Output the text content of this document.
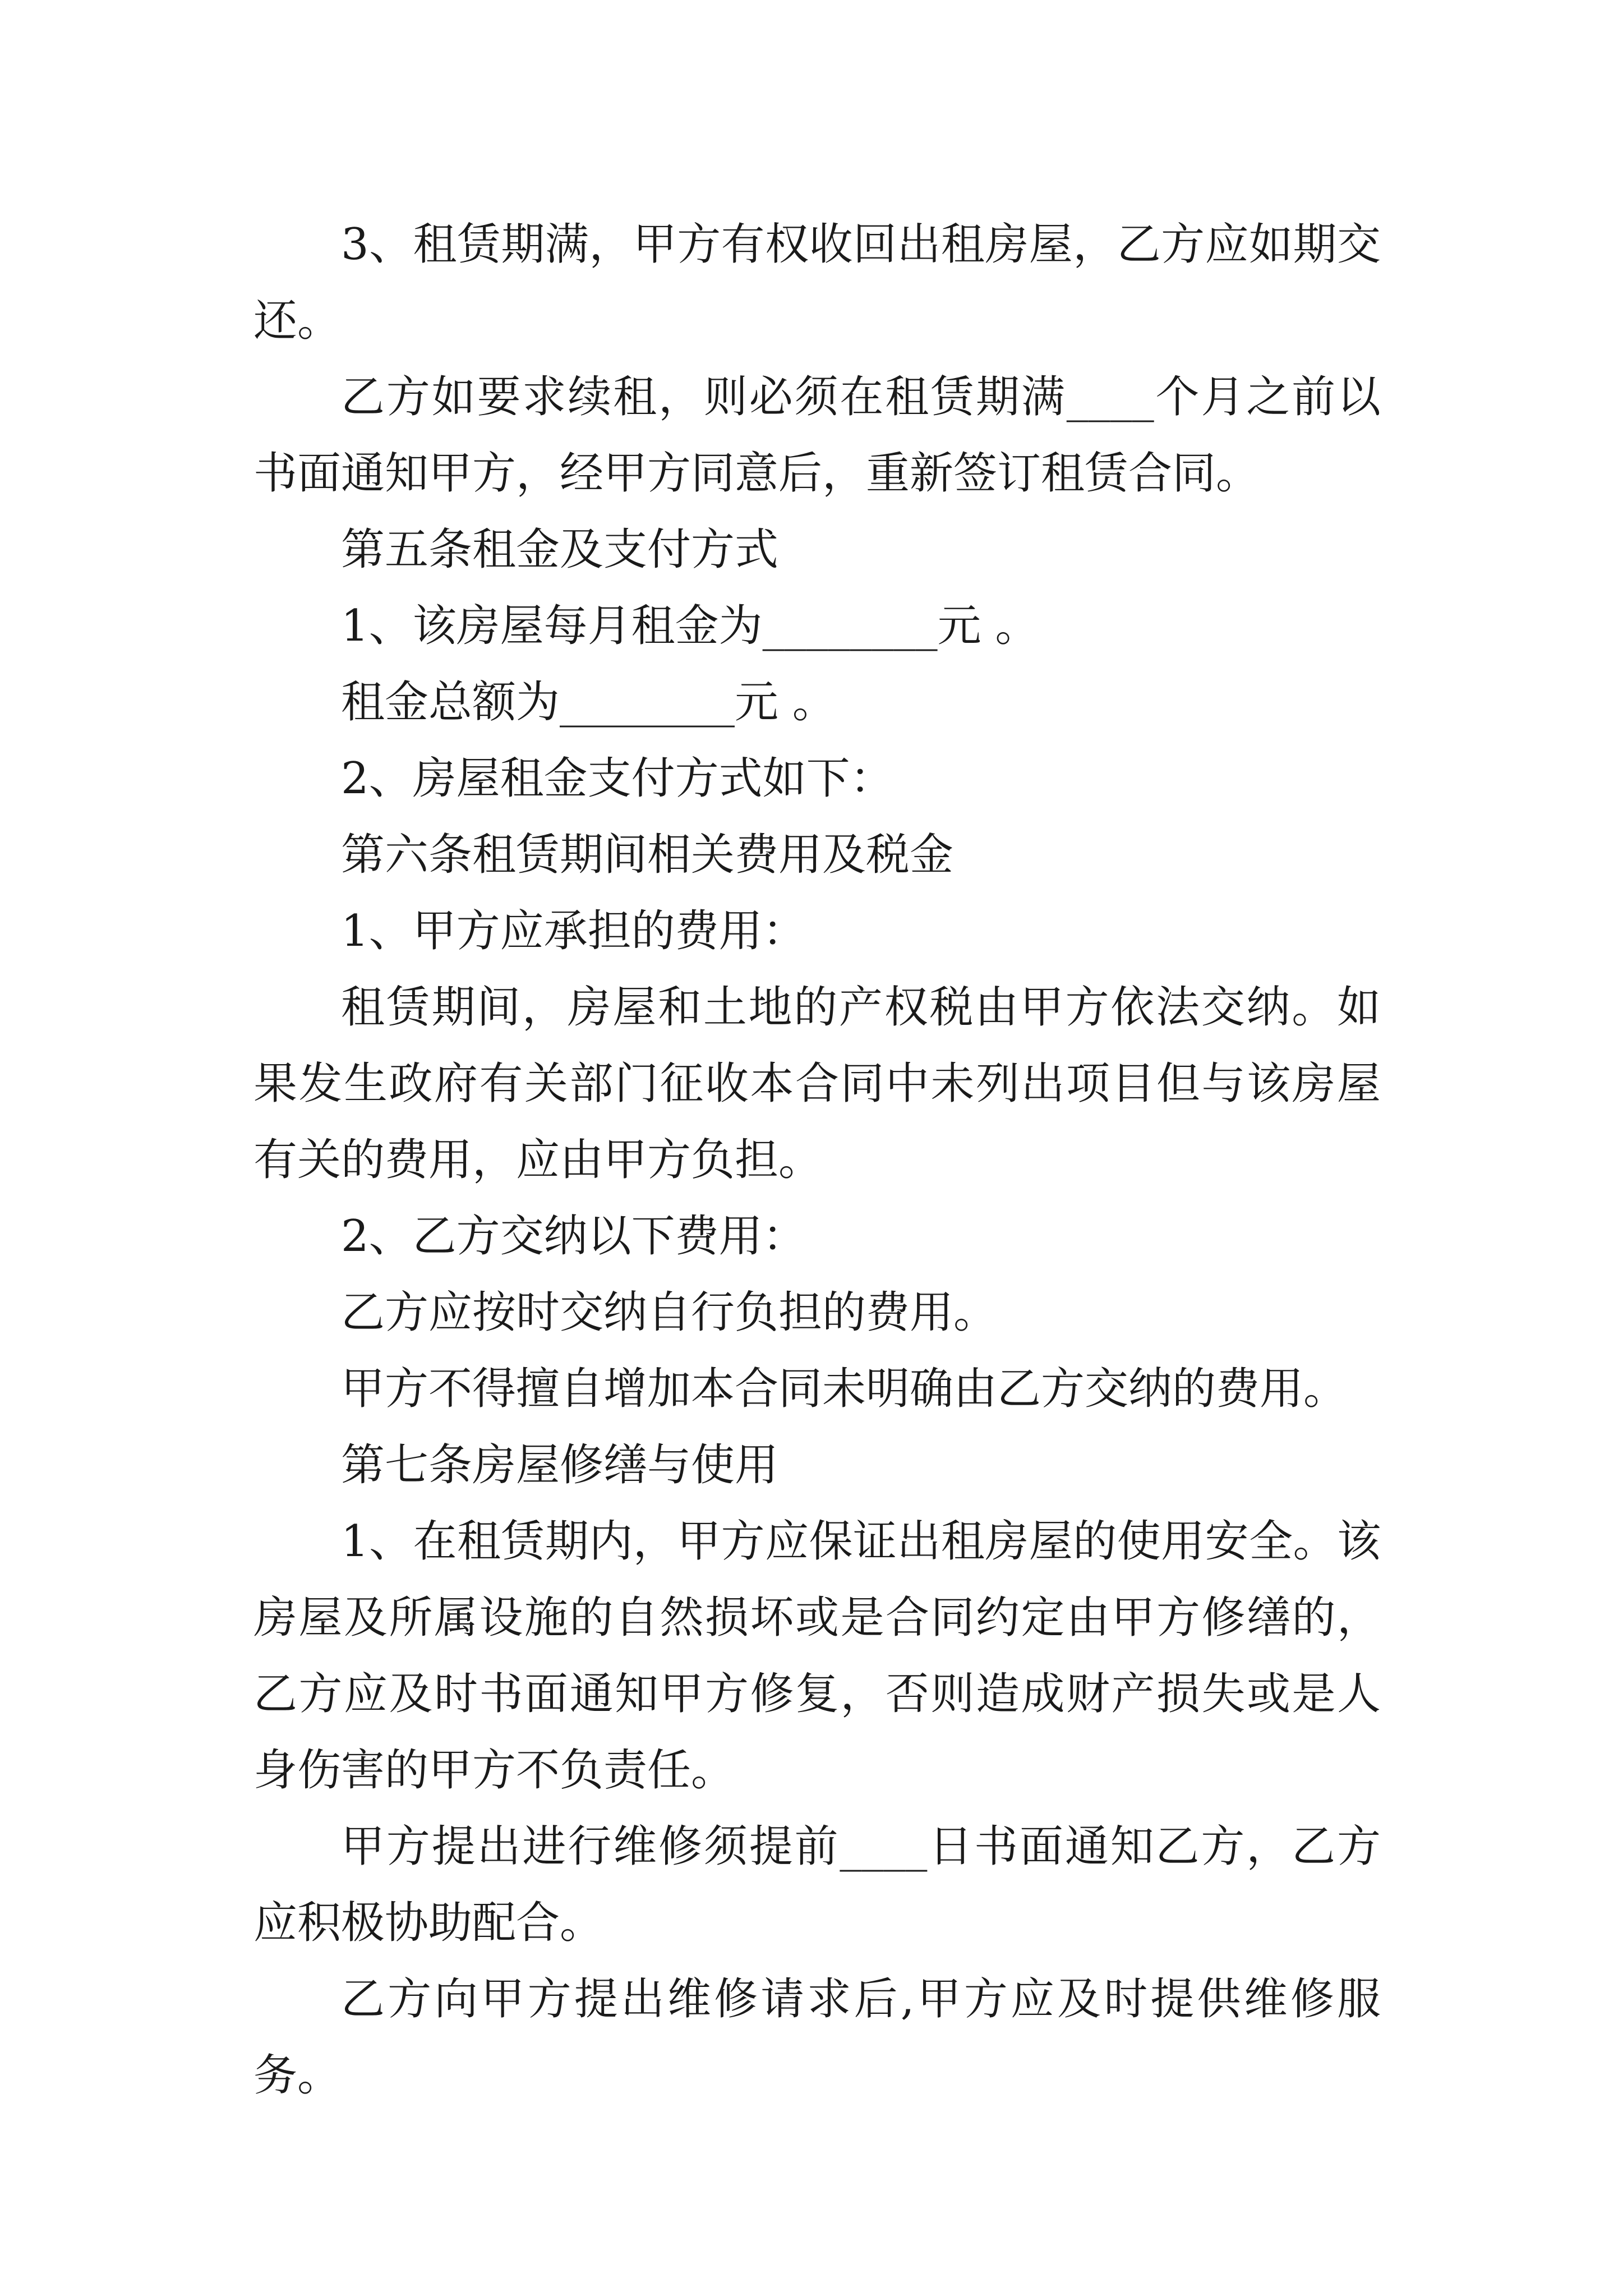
3、租赁期满，甲方有权收回出租房屋，乙方应如期交还。

乙方如要求续租，则必须在租赁期满____个月之前以书面通知甲方，经甲方同意后，重新签订租赁合同。

第五条租金及支付方式

1、该房屋每月租金为________元 。

租金总额为________元 。

2、房屋租金支付方式如下：

第六条租赁期间相关费用及税金

1、甲方应承担的费用：

租赁期间，房屋和土地的产权税由甲方依法交纳。如果发生政府有关部门征收本合同中未列出项目但与该房屋有关的费用，应由甲方负担。

2、乙方交纳以下费用：

乙方应按时交纳自行负担的费用。

甲方不得擅自增加本合同未明确由乙方交纳的费用。

第七条房屋修缮与使用

1、在租赁期内，甲方应保证出租房屋的使用安全。该房屋及所属设施的自然损坏或是合同约定由甲方修缮的，乙方应及时书面通知甲方修复，否则造成财产损失或是人身伤害的甲方不负责任。

甲方提出进行维修须提前____日书面通知乙方，乙方应积极协助配合。

乙方向甲方提出维修请求后,甲方应及时提供维修服务。
